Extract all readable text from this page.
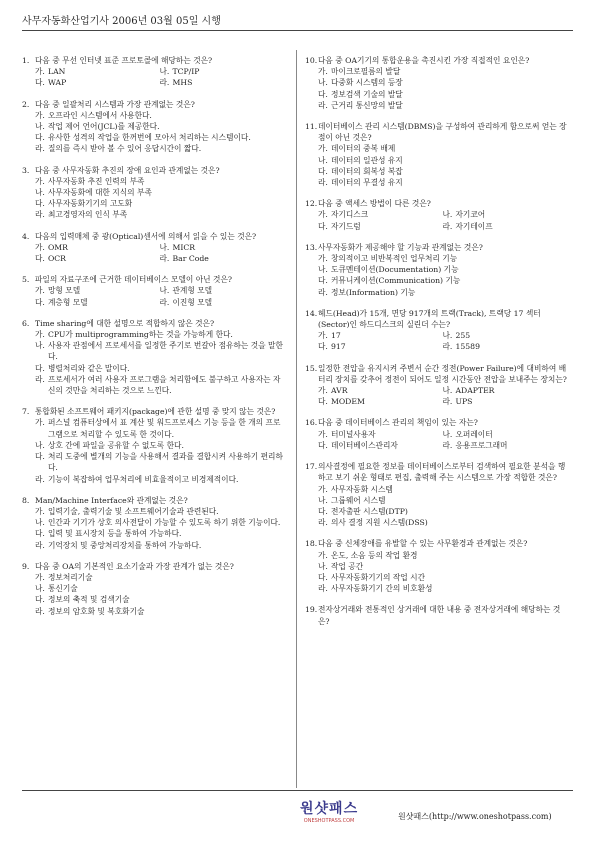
사무자동화산업기사 2006년 03월 05일 시행
1. 다음 중 무선 인터넷 표준 프로토콜에 해당하는 것은?
가. LAN	나. TCP/IP
다. WAP	라. MHS
2. 다음 중 일괄처리 시스템과 가장 관계없는 것은?
가. 오프라인 시스템에서 사용한다.
나. 작업 제어 언어(JCL)를 제공한다.
다. 유사한 성격의 작업을 한꺼번에 모아서 처리하는 시스템이다.
라. 질의를 즉시 받아 볼 수 있어 응답시간이 짧다.
3. 다음 중 사무자동화 추진의 장애 요인과 관계없는 것은?
가. 사무자동화 추진 인력의 부족
나. 사무자동화에 대한 지식의 부족
다. 사무자동화기기의 고도화
라. 최고경영자의 인식 부족
4. 다음의 입력매체 중 광(Optical)센서에 의해서 읽을 수 있는 것은?
가. OMR	나. MICR
다. OCR	라. Bar Code
5. 파일의 자료구조에 근거한 데이터베이스 모델이 아닌 것은?
가. 망형 모델	나. 관계형 모델
다. 계층형 모델	라. 이진형 모델
6. Time sharing에 대한 설명으로 적합하지 않은 것은?
가. CPU가 multiprogramming하는 것을 가능하게 한다.
나. 사용자 관점에서 프로세서를 일정한 주기로 번갈아 점유하는 것을 말한다.
다. 병렬처리와 같은 말이다.
라. 프로세서가 여러 사용자 프로그램을 처리함에도 불구하고 사용자는 자신의 것만을 처리하는 것으로 느낀다.
7. 통합화된 소프트웨어 패키지(package)에 관한 설명 중 맞지 않는 것은?
가. 퍼스널 컴퓨터상에서 표 계산 및 워드프로세스 기능 등을 한 개의 프로그램으로 처리할 수 있도록 한 것이다.
나. 상호 간에 파일을 공유할 수 없도록 한다.
다. 처리 도중에 별개의 기능을 사용해서 결과를 결합시켜 사용하기 편리하다.
라. 기능이 복잡하여 업무처리에 비효율적이고 비경제적이다.
8. Man/Machine Interface와 관계없는 것은?
가. 입력기술, 출력기술 및 소프트웨어기술과 관련된다.
나. 인간과 기기가 상호 의사전달이 가능할 수 있도록 하기 위한 기능이다.
다. 입력 및 표시장치 등을 통하여 가능하다.
라. 기억장치 및 중앙처리장치를 통하여 가능하다.
9. 다음 중 OA의 기본적인 요소기술과 가장 관계가 없는 것은?
가. 정보처리기술
나. 통신기술
다. 정보의 축적 및 검색기술
라. 정보의 암호화 및 복호화기술
10. 다음 중 OA기기의 통합운용을 촉진시킨 가장 직접적인 요인은?
가. 마이크로필름의 발달
나. 다중화 시스템의 등장
다. 정보검색 기술의 발달
라. 근거리 통신망의 발달
11. 데이터베이스 관리 시스템(DBMS)을 구성하여 관리하게 함으로써 얻는 장점이 아닌 것은?
가. 데이터의 중복 배제
나. 데이터의 일관성 유지
다. 데이터의 회복성 복잡
라. 데이터의 무결성 유지
12. 다음 중 액세스 방법이 다른 것은?
가. 자기디스크	나. 자기코어
다. 자기드럼	라. 자기테이프
13. 사무자동화가 제공해야 할 기능과 관계없는 것은?
가. 창의적이고 비반복적인 업무처리 기능
나. 도큐멘테이션(Documentation) 기능
다. 커뮤니케이션(Communication) 기능
라. 정보(Information) 기능
14. 헤드(Head)가 15개, 면당 917개의 트랙(Track), 트랙당 17 섹터(Sector)인 하드디스크의 실린더 수는?
가. 17	나. 255
다. 917	라. 15589
15. 일정한 전압을 유지시켜 주변서 순간 정전(Power Failure)에 대비하여 배터리 장치를 갖추어 정전이 되어도 일정 시간동안 전압을 보내주는 장치는?
가. AVR	나. ADAPTER
다. MODEM	라. UPS
16. 다음 중 데이터베이스 관리의 책임이 있는 자는?
가. 터미널사용자	나. 오퍼레이터
다. 데이터베이스관리자	라. 응용프로그래머
17. 의사결정에 필요한 정보를 데이터베이스로부터 검색하여 필요한 분석을 행하고 보기 쉬운 형태로 편집, 출력해 주는 시스템으로 가장 적합한 것은?
가. 사무자동화 시스템
나. 그룹웨어 시스템
다. 전자출판 시스템(DTP)
라. 의사 결정 지원 시스템(DSS)
18. 다음 중 신체장애를 유발할 수 있는 사무환경과 관계없는 것은?
가. 온도, 소음 등의 작업 환경
나. 작업 공간
다. 사무자동화기기의 작업 시간
라. 사무자동화기기 간의 비호환성
19. 전자상거래와 전통적인 상거래에 대한 내용 중 전자상거래에 해당하는 것은?
원샷패스
ONESHOTPASS.COM	원샷패스(http://www.oneshotpass.com)
